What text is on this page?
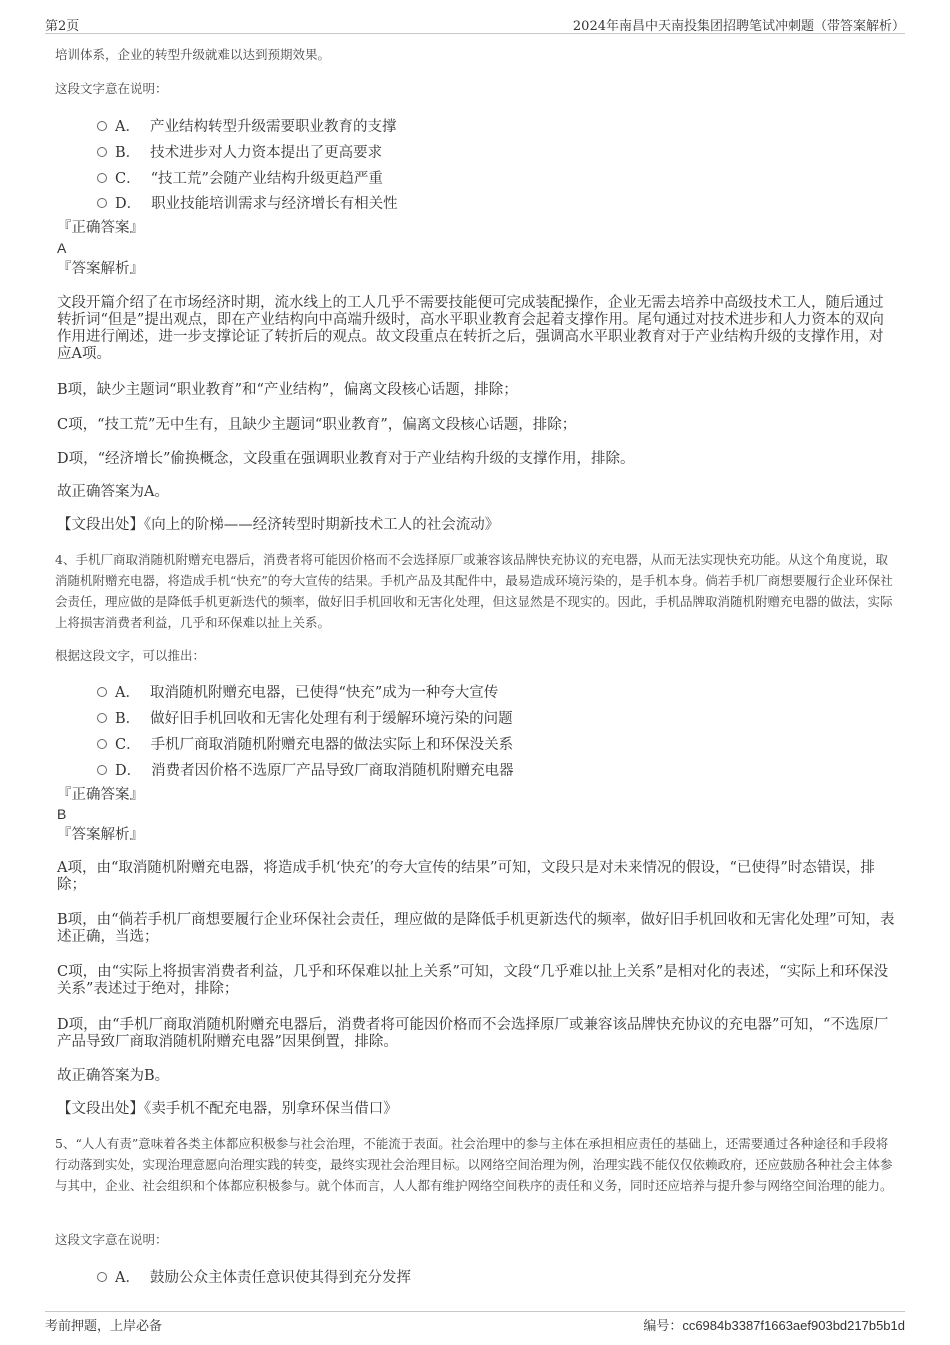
第2页	2024年南昌中天南投集团招聘笔试冲刺题（带答案解析）
培训体系，企业的转型升级就难以达到预期效果。
这段文字意在说明：
A． 产业结构转型升级需要职业教育的支撑
B． 技术进步对人力资本提出了更高要求
C． “技工荒”会随产业结构升级更趋严重
D． 职业技能培训需求与经济增长有相关性
『正确答案』
A
『答案解析』
文段开篇介绍了在市场经济时期，流水线上的工人几乎不需要技能便可完成装配操作，企业无需去培养中高级技术工人，随后通过转折词“但是”提出观点，即在产业结构向中高端升级时，高水平职业教育会起着支撑作用。尾句通过对技术进步和人力资本的双向作用进行阐述，进一步支撑论证了转折后的观点。故文段重点在转折之后，强调高水平职业教育对于产业结构升级的支撑作用，对应A项。
B项，缺少主题词“职业教育”和“产业结构”，偏离文段核心话题，排除；
C项，“技工荒”无中生有，且缺少主题词“职业教育”，偏离文段核心话题，排除；
D项，“经济增长”偷换概念，文段重在强调职业教育对于产业结构升级的支撑作用，排除。
故正确答案为A。
【文段出处】《向上的阶梯——经济转型时期新技术工人的社会流动》
4、手机厂商取消随机附赠充电器后，消费者将可能因价格而不会选择原厂或兼容该品牌快充协议的充电器，从而无法实现快充功能。从这个角度说，取消随机附赠充电器，将造成手机“快充”的夸大宣传的结果。手机产品及其配件中，最易造成环境污染的，是手机本身。倘若手机厂商想要履行企业环保社会责任，理应做的是降低手机更新迭代的频率，做好旧手机回收和无害化处理，但这显然是不现实的。因此，手机品牌取消随机附赠充电器的做法，实际上将损害消费者利益，几乎和环保难以扯上关系。
根据这段文字，可以推出：
A． 取消随机附赠充电器，已使得“快充”成为一种夸大宣传
B． 做好旧手机回收和无害化处理有利于缓解环境污染的问题
C． 手机厂商取消随机附赠充电器的做法实际上和环保没关系
D． 消费者因价格不选原厂产品导致厂商取消随机附赠充电器
『正确答案』
B
『答案解析』
A项，由“取消随机附赠充电器，将造成手机‘快充’的夸大宣传的结果”可知，文段只是对未来情况的假设，“已使得”时态错误，排除；
B项，由“倘若手机厂商想要履行企业环保社会责任，理应做的是降低手机更新迭代的频率，做好旧手机回收和无害化处理”可知，表述正确，当选；
C项，由“实际上将损害消费者利益，几乎和环保难以扯上关系”可知，文段“几乎难以扯上关系”是相对化的表述，“实际上和环保没关系”表述过于绝对，排除；
D项，由“手机厂商取消随机附赠充电器后，消费者将可能因价格而不会选择原厂或兼容该品牌快充协议的充电器”可知，“不选原厂产品导致厂商取消随机附赠充电器”因果倒置，排除。
故正确答案为B。
【文段出处】《卖手机不配充电器，别拿环保当借口》
5、“人人有责”意味着各类主体都应积极参与社会治理，不能流于表面。社会治理中的参与主体在承担相应责任的基础上，还需要通过各种途径和手段将行动落到实处，实现治理意愿向治理实践的转变，最终实现社会治理目标。以网络空间治理为例，治理实践不能仅仅依赖政府，还应鼓励各种社会主体参与其中，企业、社会组织和个体都应积极参与。就个体而言，人人都有维护网络空间秩序的责任和义务，同时还应培养与提升参与网络空间治理的能力。
这段文字意在说明：
A． 鼓励公众主体责任意识使其得到充分发挥
考前押题，上岸必备	编号：cc6984b3387f1663aef903bd217b5b1d
